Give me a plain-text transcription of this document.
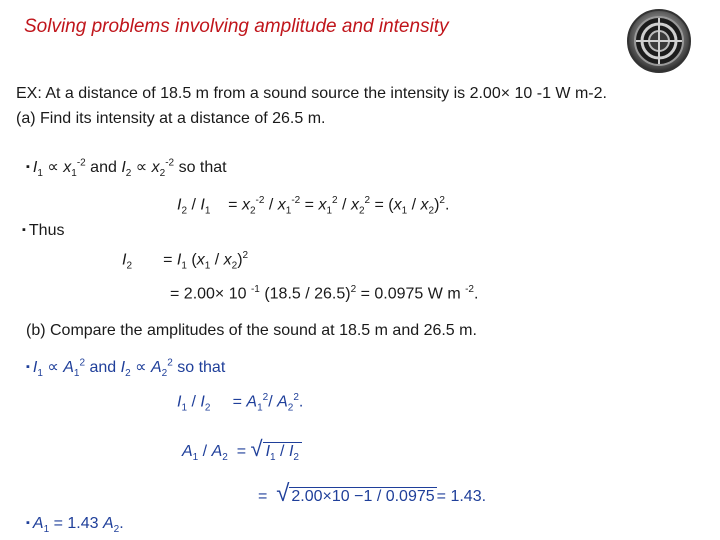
Solving problems involving amplitude and intensity
EX: At a distance of 18.5 m from a sound source the intensity is 2.00× 10 -1 W m-2.
(a) Find its intensity at a distance of 26.5 m.
▪ $I_1 \propto x_1^{-2}$ and $I_2 \propto x_2^{-2}$ so that
$I_2 / I_1$    = $x_2^{-2} / x_1^{-2} = x_1^2 / x_2^2 = (x_1 / x_2)^2$.
▪ Thus
$I_2$       = $I_1$ $(x_1 / x_2)^2$
= 2.00× 10 $^{-1}$ (18.5 / 26.5)$^2$ = 0.0975 W m $^{-2}$.
(b) Compare the amplitudes of the sound at 18.5 m and 26.5 m.
▪ $I_1 \propto A_1^2$ and $I_2 \propto A_2^2$ so that
$I_1 / I_2$     = $A_1^2/$ $A_2^2$.
$A_1 / A_2$  = √ $I_1 / I_2$
=  √ 2.00×10 −1 / 0.0975 = 1.43.
▪ $A_1 = 1.43$ $A_2$.
